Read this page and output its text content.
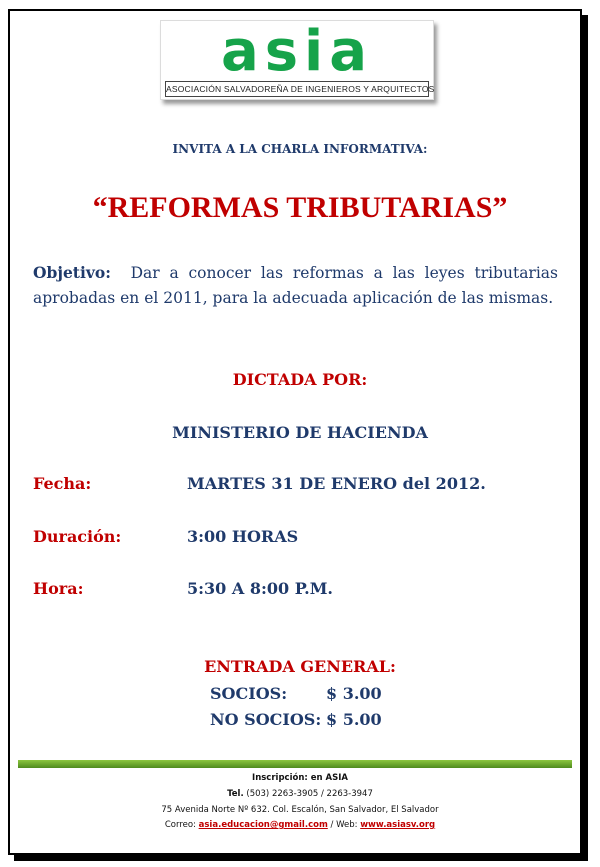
asia
ASOCIACIÓN SALVADOREÑA DE INGENIEROS Y ARQUITECTOS
INVITA A LA CHARLA INFORMATIVA:
“REFORMAS TRIBUTARIAS”
Objetivo: Dar a conocer las reformas a las leyes tributarias aprobadas en el 2011, para la adecuada aplicación de las mismas.
DICTADA POR:
MINISTERIO DE HACIENDA
Fecha:	MARTES 31 DE ENERO del 2012.
Duración:	3:00 HORAS
Hora:	5:30 A 8:00 P.M.
ENTRADA GENERAL:
SOCIOS: $ 3.00
NO SOCIOS: $ 5.00
Inscripción: en ASIA
Tel. (503) 2263-3905 / 2263-3947
75 Avenida Norte Nº 632. Col. Escalón, San Salvador, El Salvador
Correo: asia.educacion@gmail.com / Web: www.asiasv.org
